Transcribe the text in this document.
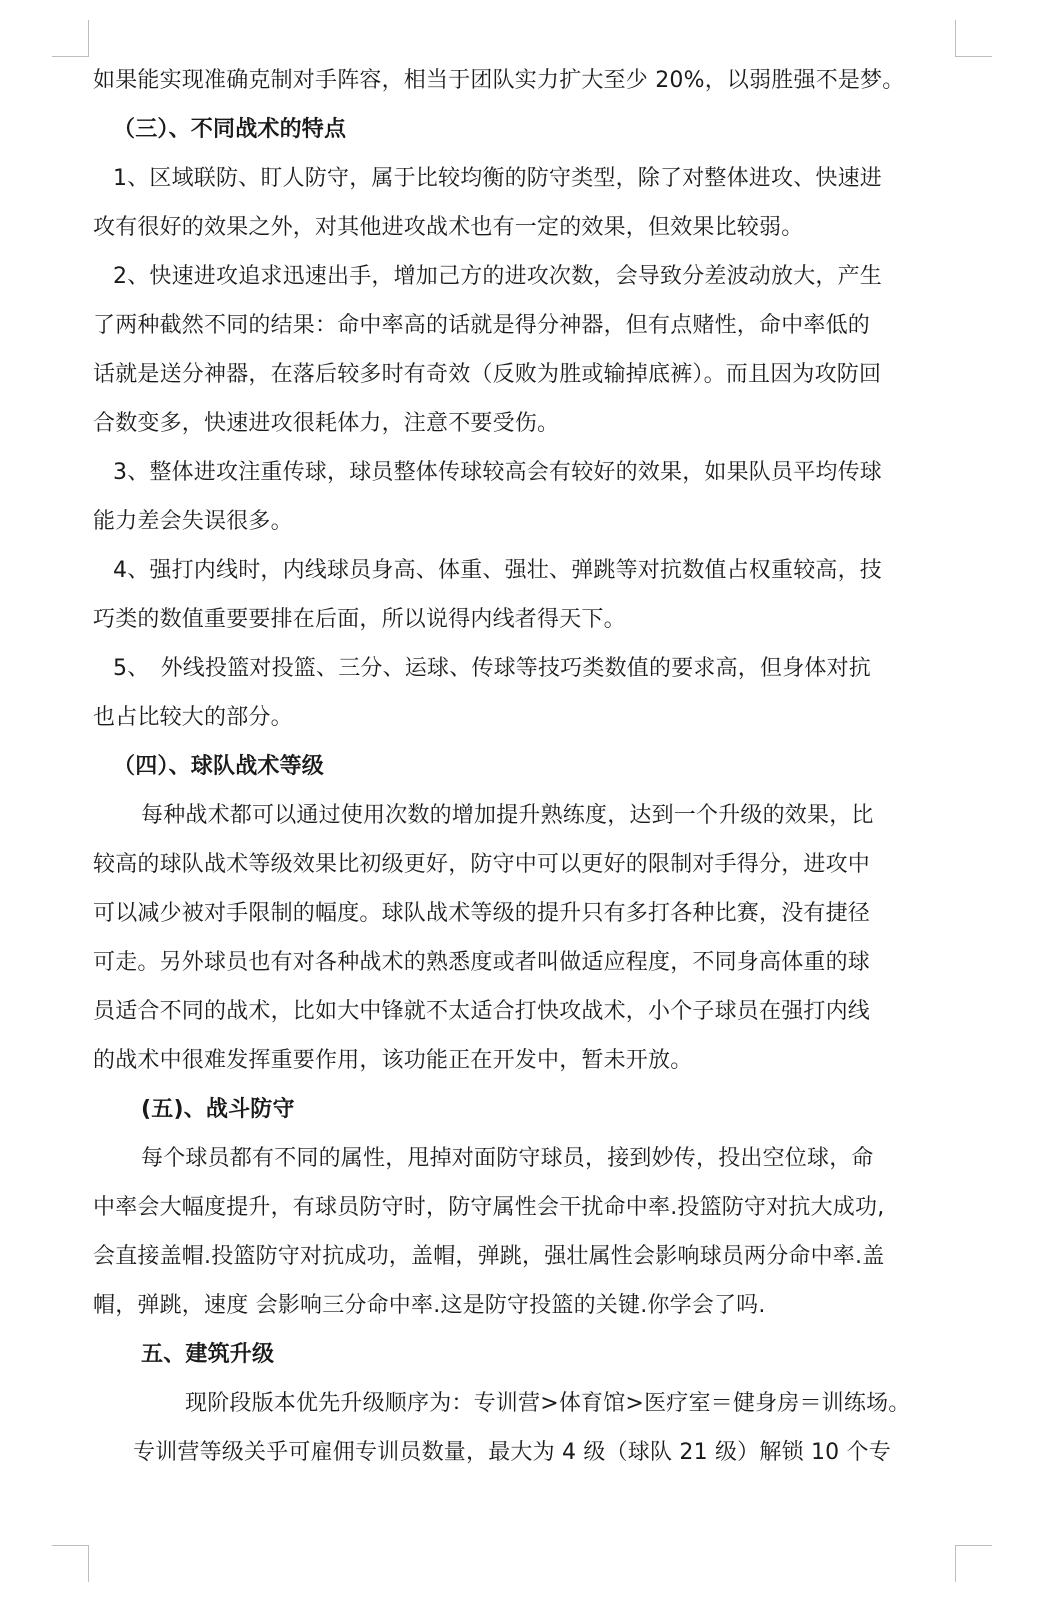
如果能实现准确克制对手阵容，相当于团队实力扩大至少 20%，以弱胜强不是梦。
（三）、不同战术的特点
1、区域联防、盯人防守，属于比较均衡的防守类型，除了对整体进攻、快速进
攻有很好的效果之外，对其他进攻战术也有一定的效果，但效果比较弱。
2、快速进攻追求迅速出手，增加己方的进攻次数，会导致分差波动放大，产生
了两种截然不同的结果：命中率高的话就是得分神器，但有点赌性，命中率低的
话就是送分神器，在落后较多时有奇效（反败为胜或输掉底裤）。而且因为攻防回
合数变多，快速进攻很耗体力，注意不要受伤。
3、整体进攻注重传球，球员整体传球较高会有较好的效果，如果队员平均传球
能力差会失误很多。
4、强打内线时，内线球员身高、体重、强壮、弹跳等对抗数值占权重较高，技
巧类的数值重要要排在后面，所以说得内线者得天下。
5、　外线投篮对投篮、三分、运球、传球等技巧类数值的要求高，但身体对抗
也占比较大的部分。
（四）、球队战术等级
每种战术都可以通过使用次数的增加提升熟练度，达到一个升级的效果，比
较高的球队战术等级效果比初级更好，防守中可以更好的限制对手得分，进攻中
可以减少被对手限制的幅度。球队战术等级的提升只有多打各种比赛，没有捷径
可走。另外球员也有对各种战术的熟悉度或者叫做适应程度，不同身高体重的球
员适合不同的战术，比如大中锋就不太适合打快攻战术，小个子球员在强打内线
的战术中很难发挥重要作用，该功能正在开发中，暂未开放。
(五)、战斗防守
每个球员都有不同的属性，甩掉对面防守球员，接到妙传，投出空位球，命
中率会大幅度提升，有球员防守时，防守属性会干扰命中率.投篮防守对抗大成功,
会直接盖帽.投篮防守对抗成功，盖帽，弹跳，强壮属性会影响球员两分命中率.盖
帽，弹跳，速度 会影响三分命中率.这是防守投篮的关键.你学会了吗.
五、建筑升级
现阶段版本优先升级顺序为：专训营>体育馆>医疗室＝健身房＝训练场。
专训营等级关乎可雇佣专训员数量，最大为 4 级（球队 21 级）解锁 10 个专
